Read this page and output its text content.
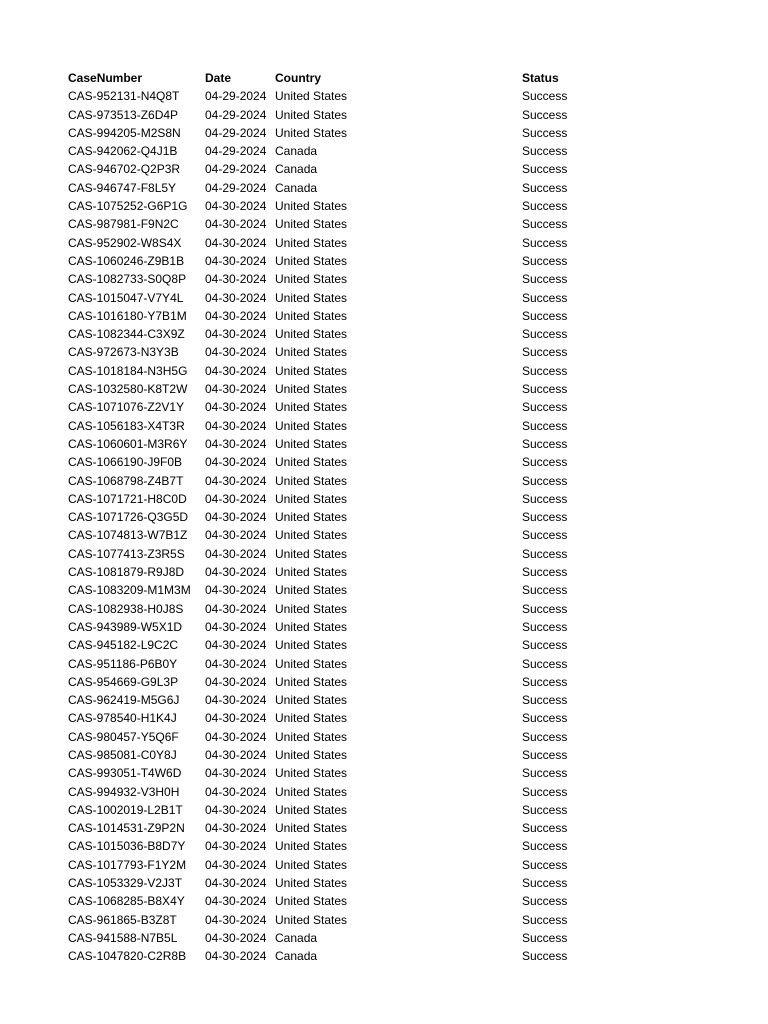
CaseNumber	Date	Country	Status
CAS-952131-N4Q8T 04-29-2024 United States	Success
CAS-973513-Z6D4P 04-29-2024 United States	Success
CAS-994205-M2S8N 04-29-2024 United States	Success
CAS-942062-Q4J1B 04-29-2024 Canada	Success
CAS-946702-Q2P3R 04-29-2024 Canada	Success
CAS-946747-F8L5Y 04-29-2024 Canada	Success
CAS-1075252-G6P1G 04-30-2024 United States	Success
CAS-987981-F9N2C 04-30-2024 United States	Success
CAS-952902-W8S4X 04-30-2024 United States	Success
CAS-1060246-Z9B1B 04-30-2024 United States	Success
CAS-1082733-S0Q8P 04-30-2024 United States	Success
CAS-1015047-V7Y4L 04-30-2024 United States	Success
CAS-1016180-Y7B1M 04-30-2024 United States	Success
CAS-1082344-C3X9Z 04-30-2024 United States	Success
CAS-972673-N3Y3B 04-30-2024 United States	Success
CAS-1018184-N3H5G 04-30-2024 United States	Success
CAS-1032580-K8T2W 04-30-2024 United States	Success
CAS-1071076-Z2V1Y 04-30-2024 United States	Success
CAS-1056183-X4T3R 04-30-2024 United States	Success
CAS-1060601-M3R6Y 04-30-2024 United States	Success
CAS-1066190-J9F0B 04-30-2024 United States	Success
CAS-1068798-Z4B7T 04-30-2024 United States	Success
CAS-1071721-H8C0D 04-30-2024 United States	Success
CAS-1071726-Q3G5D 04-30-2024 United States	Success
CAS-1074813-W7B1Z 04-30-2024 United States	Success
CAS-1077413-Z3R5S 04-30-2024 United States	Success
CAS-1081879-R9J8D 04-30-2024 United States	Success
CAS-1083209-M1M3M 04-30-2024 United States	Success
CAS-1082938-H0J8S 04-30-2024 United States	Success
CAS-943989-W5X1D 04-30-2024 United States	Success
CAS-945182-L9C2C 04-30-2024 United States	Success
CAS-951186-P6B0Y 04-30-2024 United States	Success
CAS-954669-G9L3P 04-30-2024 United States	Success
CAS-962419-M5G6J 04-30-2024 United States	Success
CAS-978540-H1K4J 04-30-2024 United States	Success
CAS-980457-Y5Q6F 04-30-2024 United States	Success
CAS-985081-C0Y8J 04-30-2024 United States	Success
CAS-993051-T4W6D 04-30-2024 United States	Success
CAS-994932-V3H0H 04-30-2024 United States	Success
CAS-1002019-L2B1T 04-30-2024 United States	Success
CAS-1014531-Z9P2N 04-30-2024 United States	Success
CAS-1015036-B8D7Y 04-30-2024 United States	Success
CAS-1017793-F1Y2M 04-30-2024 United States	Success
CAS-1053329-V2J3T 04-30-2024 United States	Success
CAS-1068285-B8X4Y 04-30-2024 United States	Success
CAS-961865-B3Z8T 04-30-2024 United States	Success
CAS-941588-N7B5L 04-30-2024 Canada	Success
CAS-1047820-C2R8B 04-30-2024 Canada	Success
